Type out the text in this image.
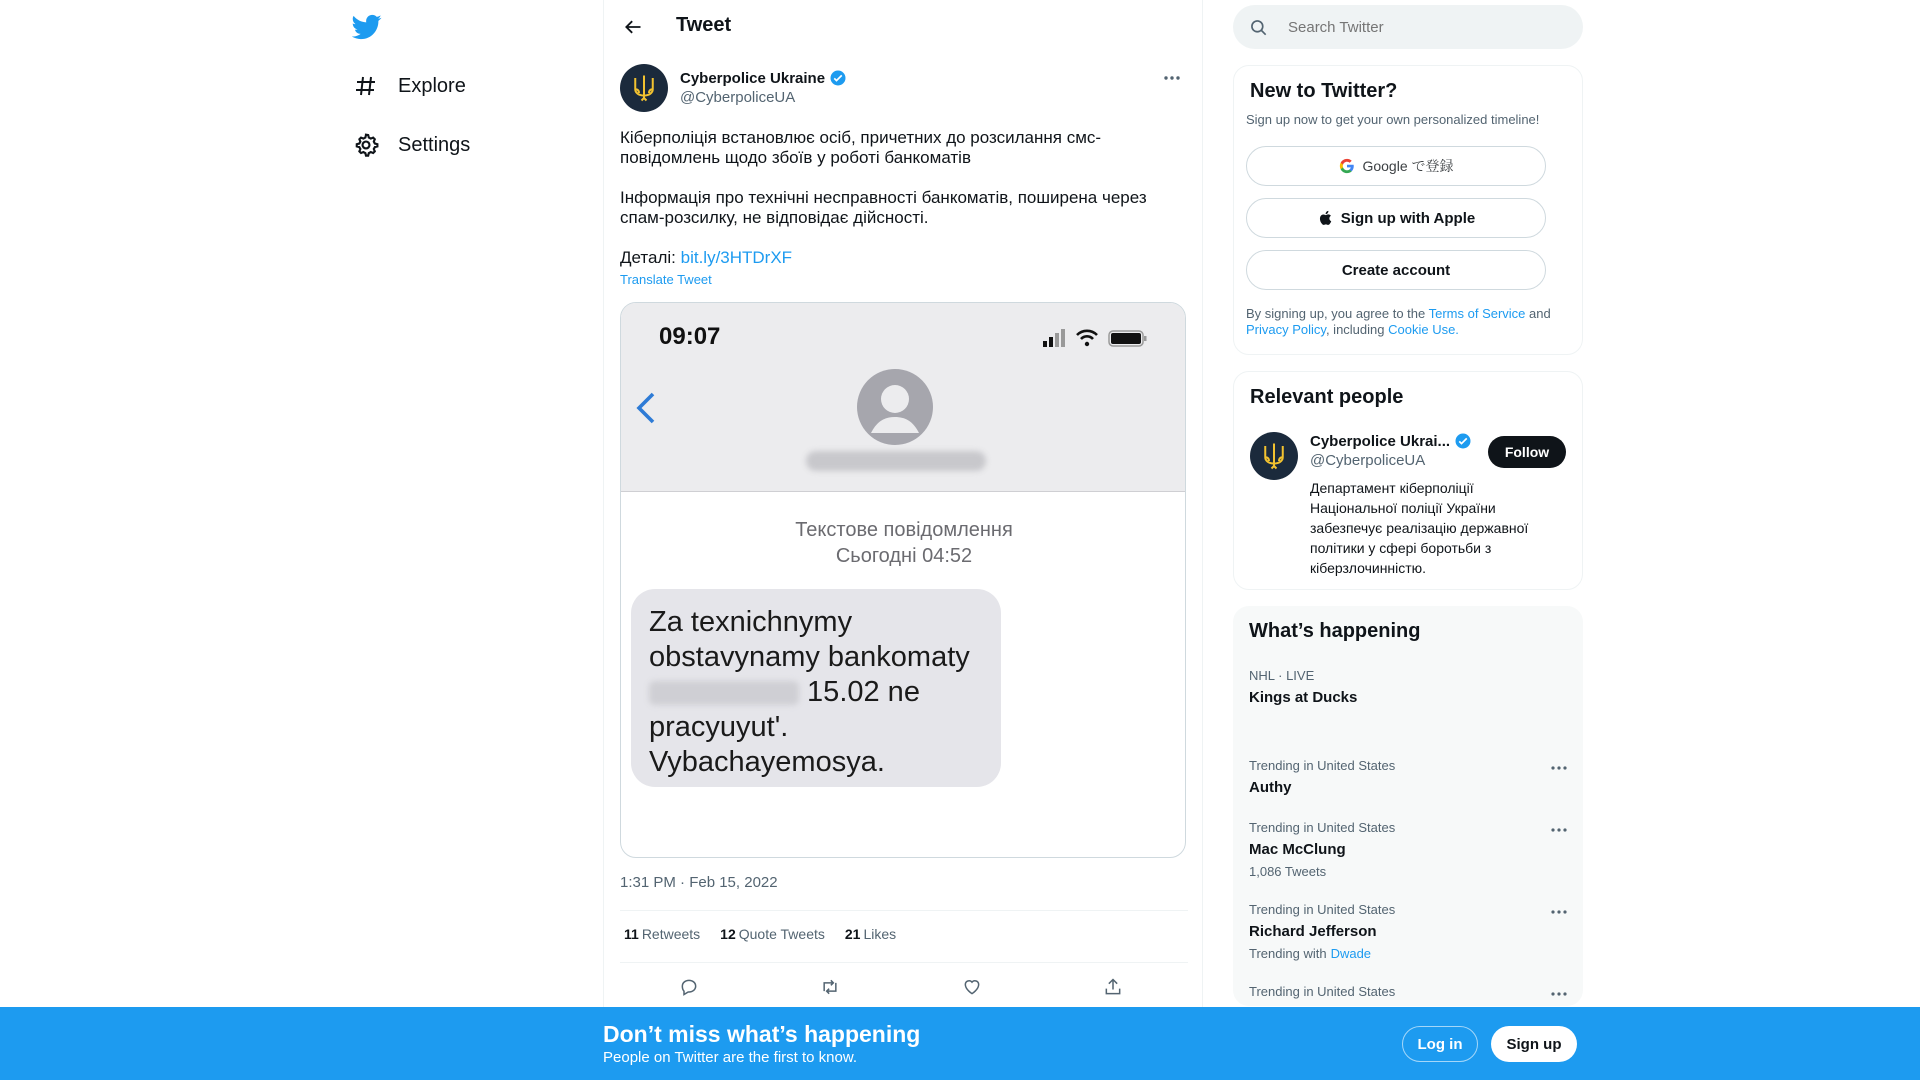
Explore
Settings
Tweet
Cyberpolice Ukraine
@CyberpoliceUA

Кіберполіція встановлює осіб, причетних до розсилання смс-повідомлень щодо збоїв у роботі банкоматів

Інформація про технічні несправності банкоматів, поширена через спам-розсилку, не відповідає дійсності.

Деталі: bit.ly/3HTDrXF

Translate Tweet
09:07
Текстове повідомлення
Сьогодні 04:52
Za texnichnymy
obstavynamy bankomaty
15.02 ne
pracyuyut'.
Vybachayemosya.
1:31 PM · Feb 15, 2022
11 Retweets 12 Quote Tweets 21 Likes
Search Twitter
New to Twitter?
Sign up now to get your own personalized timeline!
Google で登録
Sign up with Apple
Create account
By signing up, you agree to the Terms of Service and Privacy Policy, including Cookie Use.
Relevant people
Cyberpolice Ukrai...
@CyberpoliceUA	Follow
Департамент кіберполіції Національної поліції України забезпечує реалізацію державної політики у сфері боротьби з кіберзлочинністю.
What’s happening
NHL · LIVE
Kings at Ducks
Trending in United States
Authy
Trending in United States
Mac McClung
1,086 Tweets
Trending in United States
Richard Jefferson
Trending with Dwade
Trending in United States
Don’t miss what’s happening
People on Twitter are the first to know.
Log in	Sign up
